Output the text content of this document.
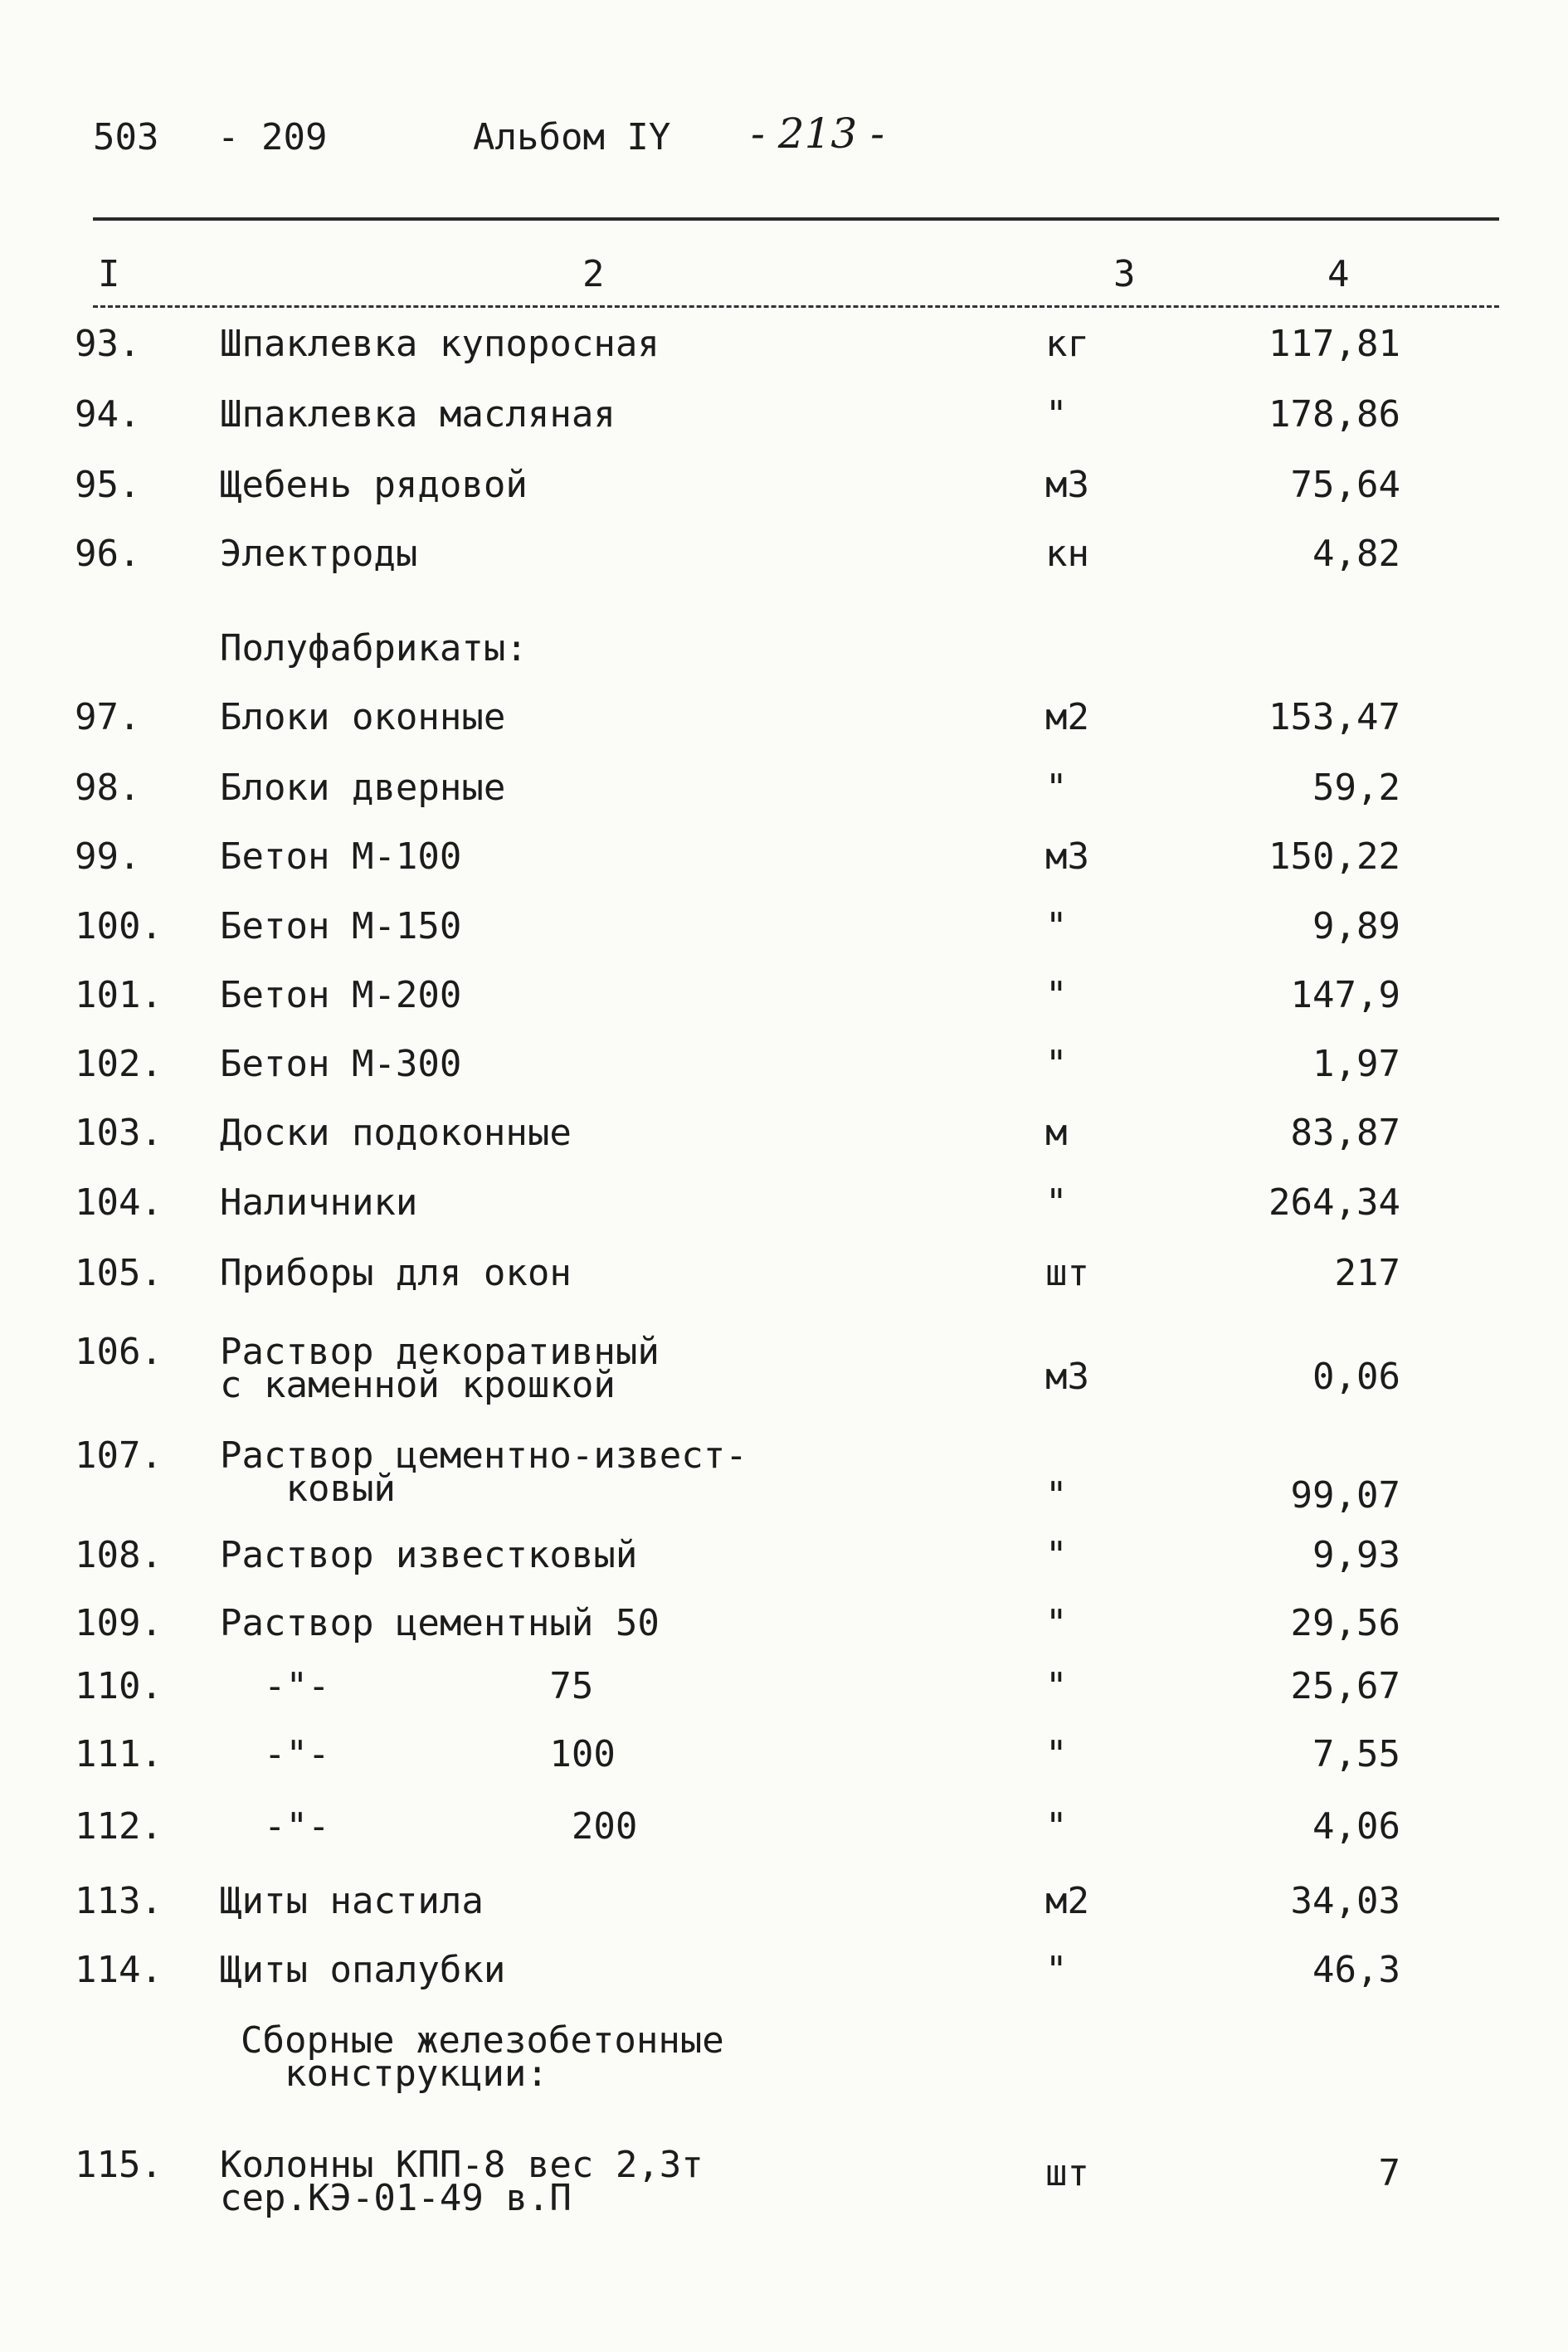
503 - 209	Альбом IY - 213 -
I	2	3	4
Полуфабрикаты:
Сборные железобетонные
конструкции:
93. Шпаклевка купоросная	кг	117,81
94. Шпаклевка масляная	"	178,86
95. Щебень рядовой	м3	75,64
96. Электроды	кн	4,82
97. Блоки оконные	м2	153,47
98. Блоки дверные	"	59,2
99. Бетон М-100	м3	150,22
100. Бетон М-150	"	9,89
101. Бетон М-200	"	147,9
102. Бетон М-300	"	1,97
103. Доски подоконные	м	83,87
104. Наличники	"	264,34
105. Приборы для окон	шт	217
106. Раствор декоративный
с каменной крошкой	м3	0,06
107. Раствор цементно-извест-
ковый	"	99,07
108. Раствор известковый	"	9,93
109. Раствор цементный 50	"	29,56
110. -"-          75	"	25,67
111. -"-          100	"	7,55
112. -"-           200	"	4,06
113. Щиты настила	м2	34,03
114. Щиты опалубки	"	46,3
115. Колонны КПП-8 вес 2,3т
сер.КЭ-01-49 в.П
шт	7
